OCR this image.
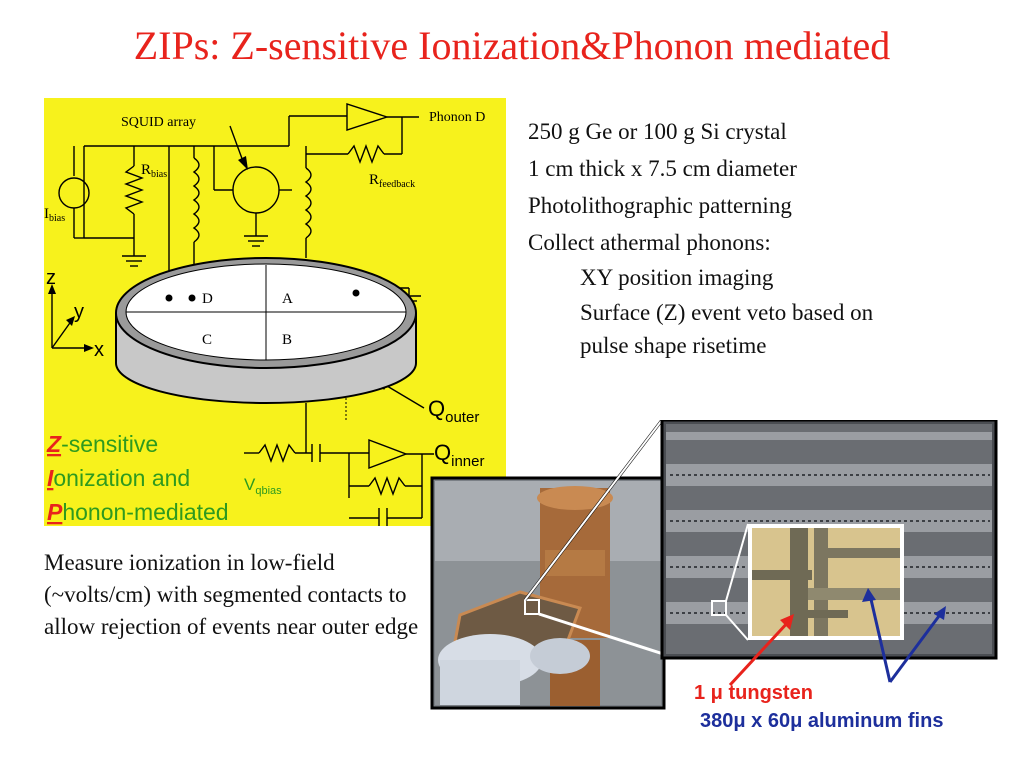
ZIPs: Z-sensitive Ionization&Phonon mediated
SQUID array	Phonon D
$R_{bias}$
$I_{bias}$
$R_{feedback}$
D	A
C	B
z
y
x
$Q_{outer}$
$Q_{inner}$
$V_{qbias}$
Z-sensitive
Ionization and
Phonon-mediated
250 g Ge or 100 g Si crystal
1 cm thick x 7.5 cm diameter
Photolithographic patterning
Collect athermal phonons:
XY position imaging
Surface (Z) event veto based on
pulse shape risetime
Measure ionization in low-field (~volts/cm) with segmented contacts to allow rejection of events near outer edge
1 μ tungsten
380μ x 60μ aluminum fins
